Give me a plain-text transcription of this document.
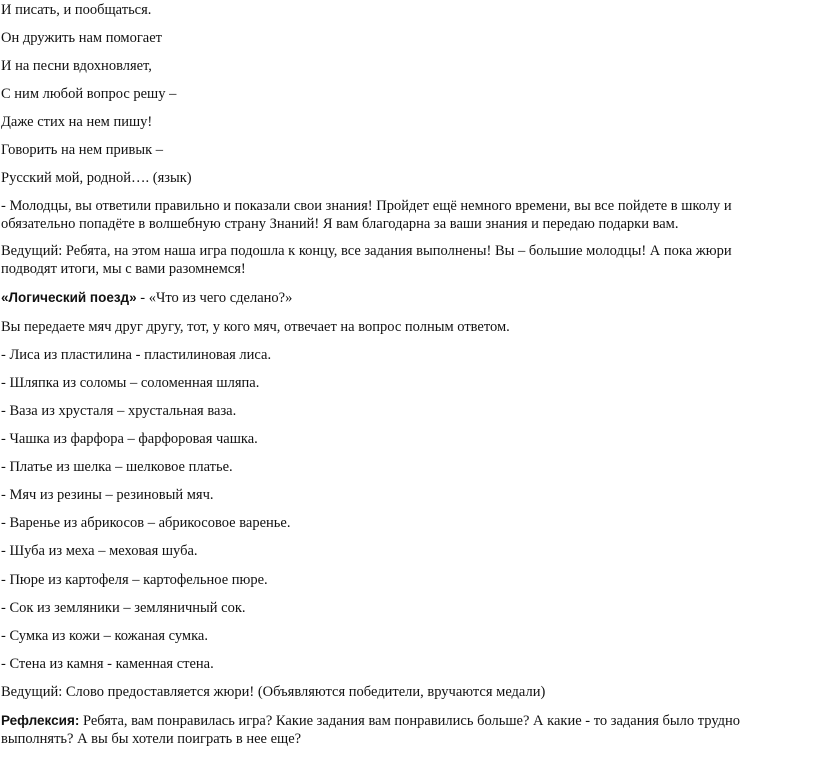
И писать, и пообщаться.

Он дружить нам помогает

И на песни вдохновляет,

С ним любой вопрос решу –

Даже стих на нем пишу!

Говорить на нем привык –

Русский мой, родной…. (язык)

- Молодцы, вы ответили правильно и показали свои знания! Пройдет ещё немного времени, вы все пойдете в школу и обязательно попадёте в волшебную страну Знаний! Я вам благодарна за ваши знания и передаю подарки вам.

Ведущий: Ребята, на этом наша игра подошла к концу, все задания выполнены! Вы – большие молодцы! А пока жюри подводят итоги, мы с вами разомнемся!

«Логический поезд» - «Что из чего сделано?»

Вы передаете мяч друг другу, тот, у кого мяч, отвечает на вопрос полным ответом.

- Лиса из пластилина - пластилиновая лиса.

- Шляпка из соломы – соломенная шляпа.

- Ваза из хрусталя – хрустальная ваза.

- Чашка из фарфора – фарфоровая чашка.

- Платье из шелка – шелковое платье.

- Мяч из резины – резиновый мяч.

- Варенье из абрикосов – абрикосовое варенье.

- Шуба из меха – меховая шуба.

- Пюре из картофеля – картофельное пюре.

- Сок из земляники – земляничный сок.

- Сумка из кожи – кожаная сумка.

- Стена из камня - каменная стена.

Ведущий: Слово предоставляется жюри! (Объявляются победители, вручаются медали)

Рефлексия: Ребята, вам понравилась игра? Какие задания вам понравились больше? А какие - то задания было трудно выполнять? А вы бы хотели поиграть в нее еще?
